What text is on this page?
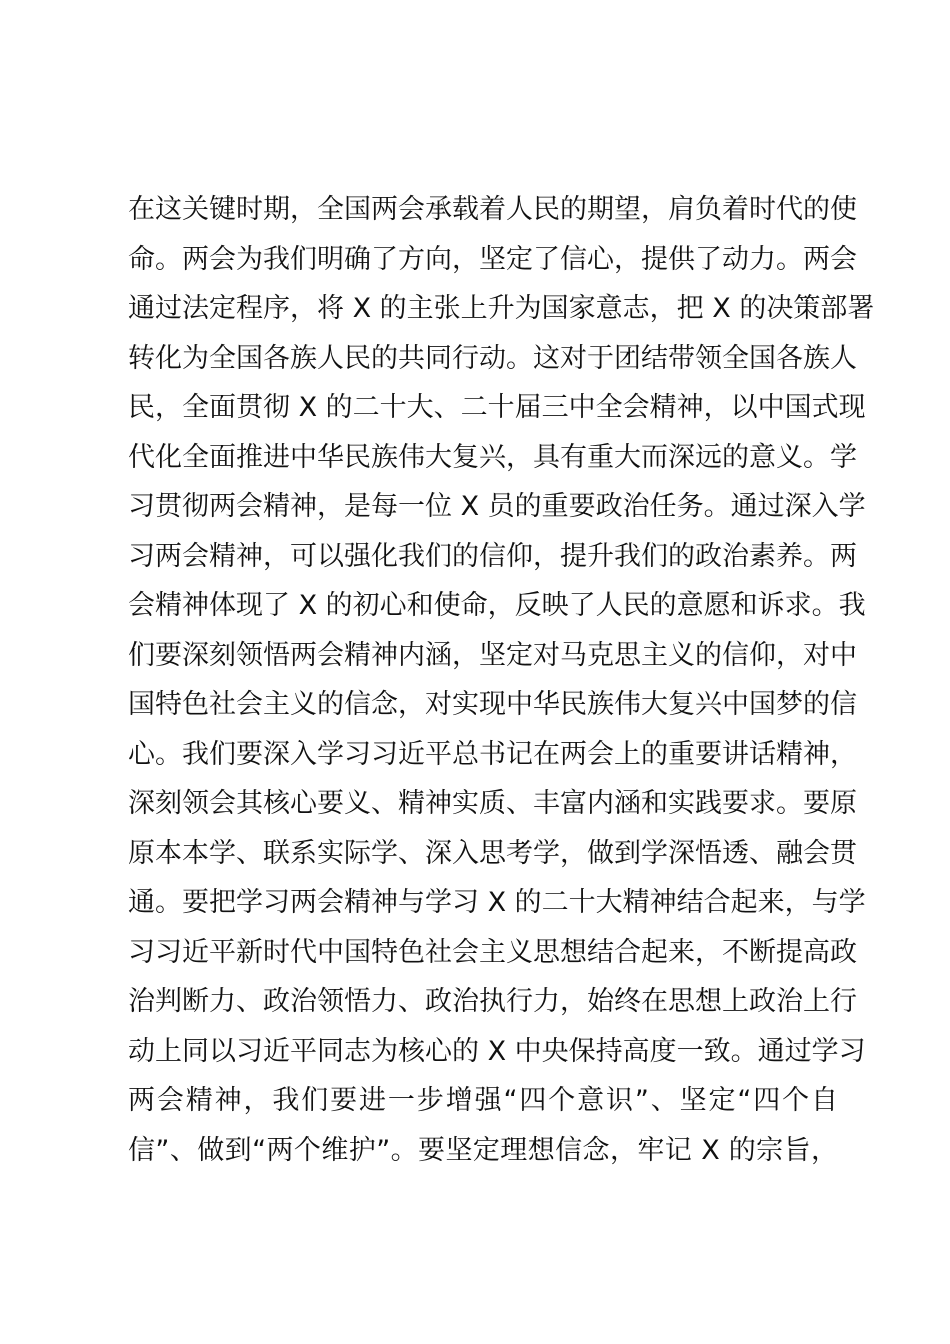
在这关键时期，全国两会承载着人民的期望，肩负着时代的使
命。两会为我们明确了方向，坚定了信心，提供了动力。两会
通过法定程序，将 X 的主张上升为国家意志，把 X 的决策部署
转化为全国各族人民的共同行动。这对于团结带领全国各族人
民，全面贯彻 X 的二十大、二十届三中全会精神，以中国式现
代化全面推进中华民族伟大复兴，具有重大而深远的意义。学
习贯彻两会精神，是每一位 X 员的重要政治任务。通过深入学
习两会精神，可以强化我们的信仰，提升我们的政治素养。两
会精神体现了 X 的初心和使命，反映了人民的意愿和诉求。我
们要深刻领悟两会精神内涵，坚定对马克思主义的信仰，对中
国特色社会主义的信念，对实现中华民族伟大复兴中国梦的信
心。我们要深入学习习近平总书记在两会上的重要讲话精神，
深刻领会其核心要义、精神实质、丰富内涵和实践要求。要原
原本本学、联系实际学、深入思考学，做到学深悟透、融会贯
通。要把学习两会精神与学习 X 的二十大精神结合起来，与学
习习近平新时代中国特色社会主义思想结合起来，不断提高政
治判断力、政治领悟力、政治执行力，始终在思想上政治上行
动上同以习近平同志为核心的 X 中央保持高度一致。通过学习
两会精神，我们要进一步增强“四个意识”、坚定“四个自
信”、做到“两个维护”。要坚定理想信念，牢记 X 的宗旨，
